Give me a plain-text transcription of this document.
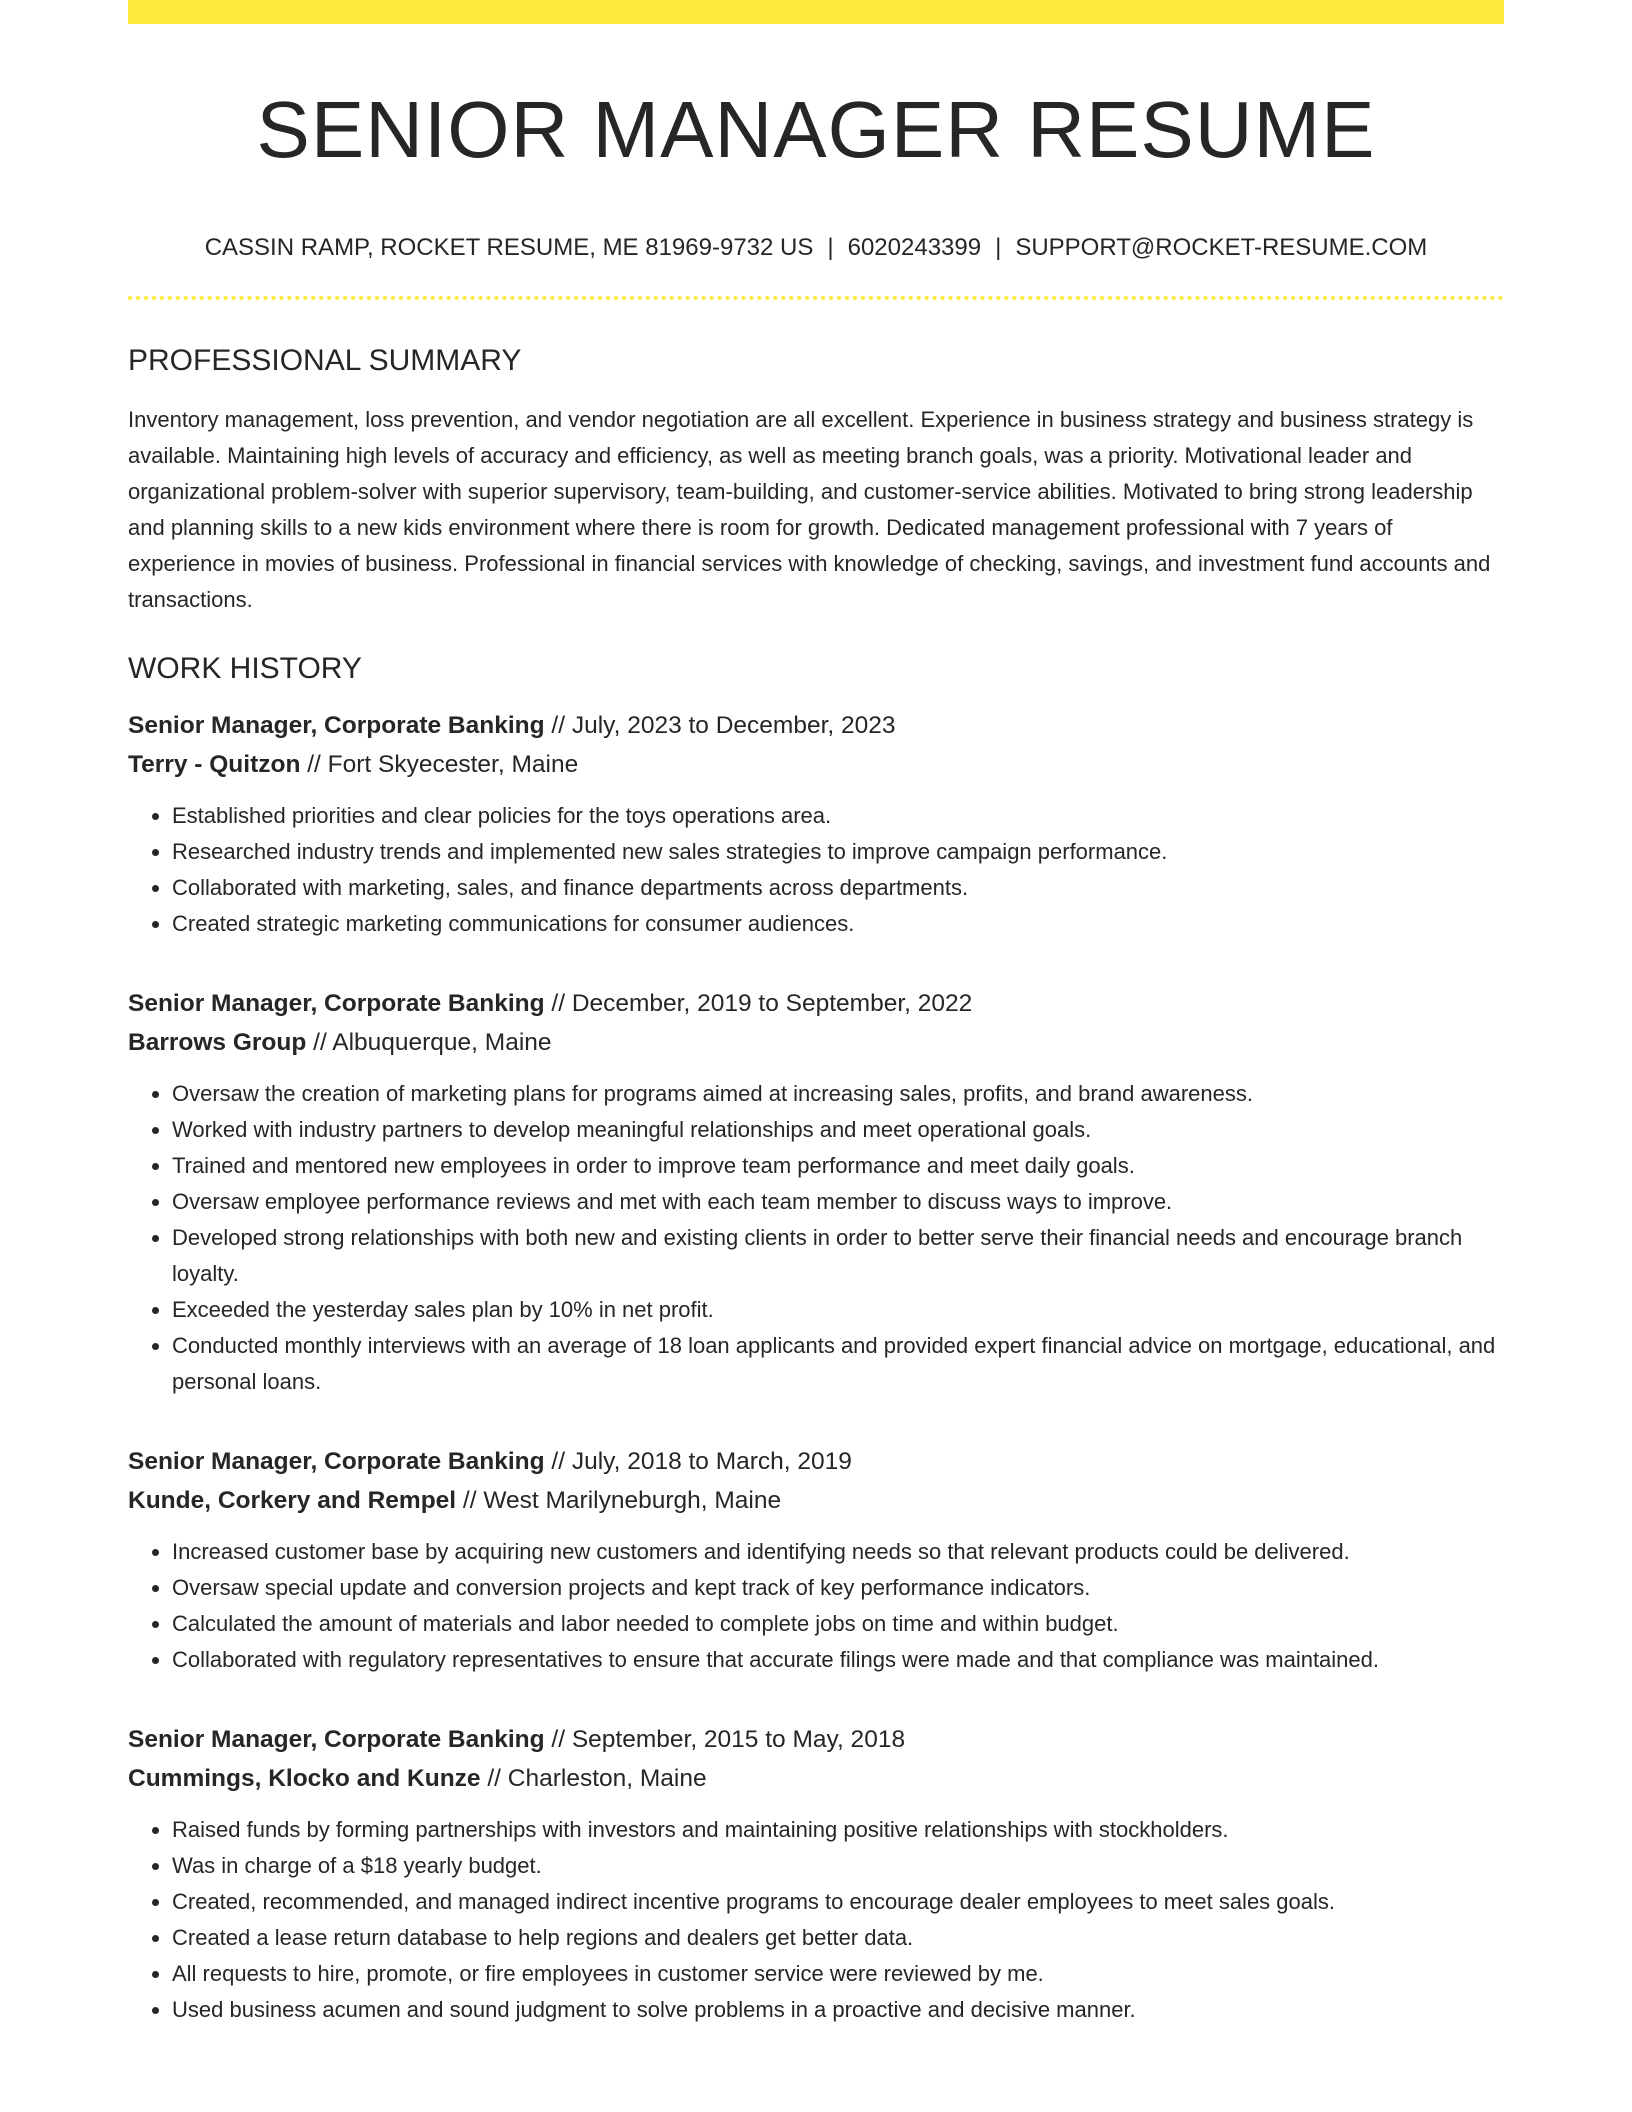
SENIOR MANAGER RESUME
CASSIN RAMP, ROCKET RESUME, ME 81969-9732 US | 6020243399 | SUPPORT@ROCKET-RESUME.COM
PROFESSIONAL SUMMARY

Inventory management, loss prevention, and vendor negotiation are all excellent. Experience in business strategy and business strategy is available. Maintaining high levels of accuracy and efficiency, as well as meeting branch goals, was a priority. Motivational leader and organizational problem-solver with superior supervisory, team-building, and customer-service abilities. Motivated to bring strong leadership and planning skills to a new kids environment where there is room for growth. Dedicated management professional with 7 years of experience in movies of business. Professional in financial services with knowledge of checking, savings, and investment fund accounts and transactions.

WORK HISTORY
Senior Manager, Corporate Banking // July, 2023 to December, 2023
Terry - Quitzon // Fort Skyecester, Maine
• Established priorities and clear policies for the toys operations area.
• Researched industry trends and implemented new sales strategies to improve campaign performance.
• Collaborated with marketing, sales, and finance departments across departments.
• Created strategic marketing communications for consumer audiences.
Senior Manager, Corporate Banking // December, 2019 to September, 2022
Barrows Group // Albuquerque, Maine
• Oversaw the creation of marketing plans for programs aimed at increasing sales, profits, and brand awareness.
• Worked with industry partners to develop meaningful relationships and meet operational goals.
• Trained and mentored new employees in order to improve team performance and meet daily goals.
• Oversaw employee performance reviews and met with each team member to discuss ways to improve.
• Developed strong relationships with both new and existing clients in order to better serve their financial needs and encourage branch loyalty.
• Exceeded the yesterday sales plan by 10% in net profit.
• Conducted monthly interviews with an average of 18 loan applicants and provided expert financial advice on mortgage, educational, and personal loans.
Senior Manager, Corporate Banking // July, 2018 to March, 2019
Kunde, Corkery and Rempel // West Marilyneburgh, Maine
• Increased customer base by acquiring new customers and identifying needs so that relevant products could be delivered.
• Oversaw special update and conversion projects and kept track of key performance indicators.
• Calculated the amount of materials and labor needed to complete jobs on time and within budget.
• Collaborated with regulatory representatives to ensure that accurate filings were made and that compliance was maintained.
Senior Manager, Corporate Banking // September, 2015 to May, 2018
Cummings, Klocko and Kunze // Charleston, Maine
• Raised funds by forming partnerships with investors and maintaining positive relationships with stockholders.
• Was in charge of a $18 yearly budget.
• Created, recommended, and managed indirect incentive programs to encourage dealer employees to meet sales goals.
• Created a lease return database to help regions and dealers get better data.
• All requests to hire, promote, or fire employees in customer service were reviewed by me.
• Used business acumen and sound judgment to solve problems in a proactive and decisive manner.
